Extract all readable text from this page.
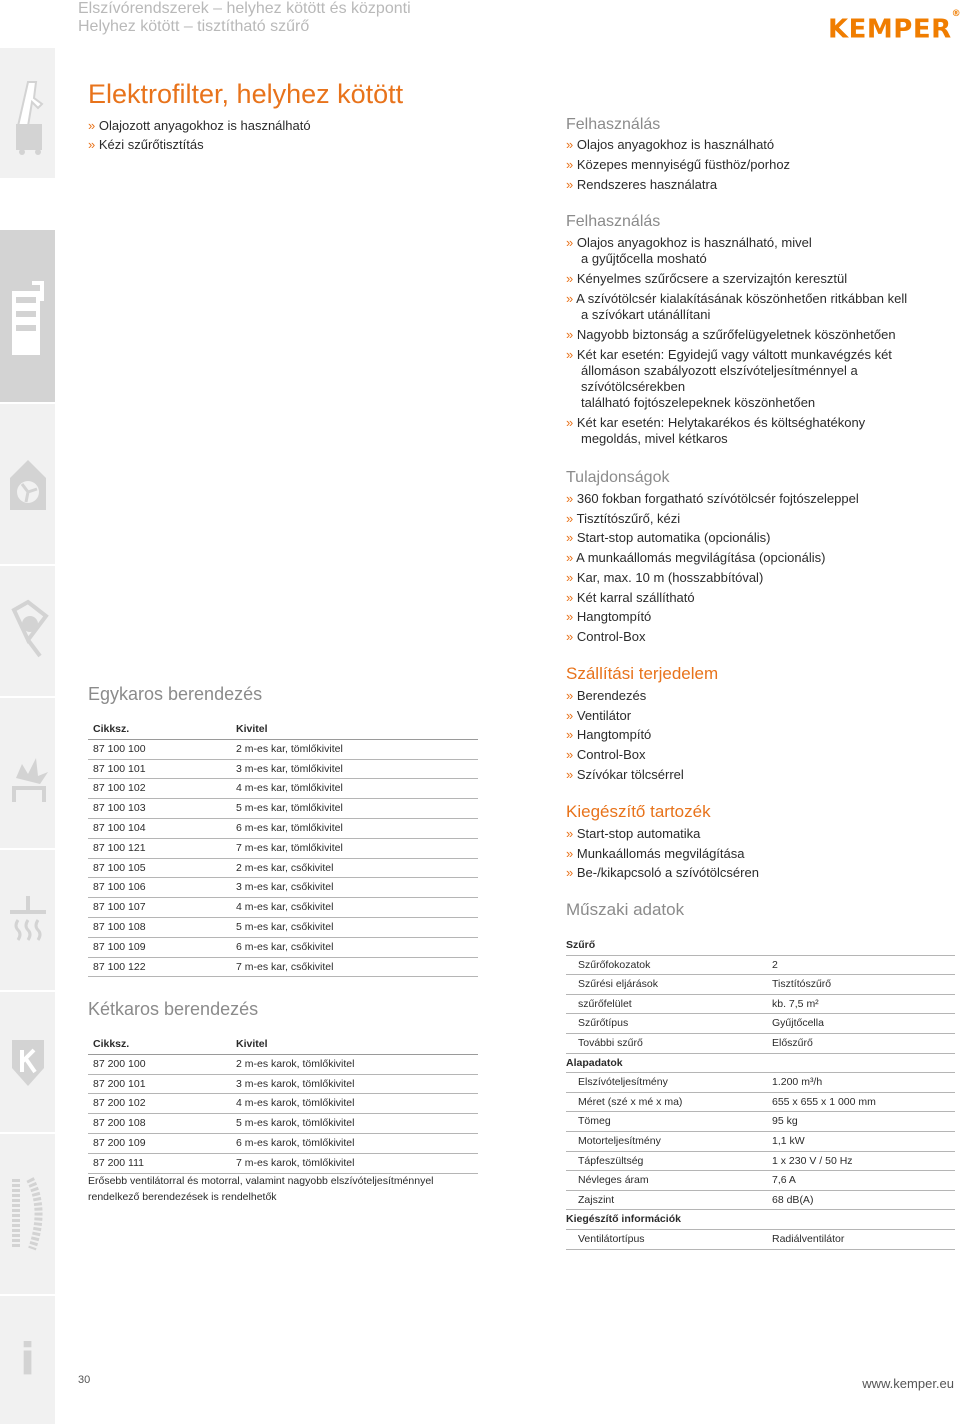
Elszívórendszerek – helyhez kötött és központi
Helyhez kötött – tisztítható szűrő	KEMPER®
i
Elektrofilter, helyhez kötött
» Olajozott anyagokhoz is használható
» Kézi szűrőtisztítás
Egykaros berendezés
Cikksz.	Kivitel
87 100 100	2 m-es kar, tömlőkivitel
87 100 101	3 m-es kar, tömlőkivitel
87 100 102	4 m-es kar, tömlőkivitel
87 100 103	5 m-es kar, tömlőkivitel
87 100 104	6 m-es kar, tömlőkivitel
87 100 121	7 m-es kar, tömlőkivitel
87 100 105	2 m-es kar, csőkivitel
87 100 106	3 m-es kar, csőkivitel
87 100 107	4 m-es kar, csőkivitel
87 100 108	5 m-es kar, csőkivitel
87 100 109	6 m-es kar, csőkivitel
87 100 122	7 m-es kar, csőkivitel
Kétkaros berendezés
Cikksz.	Kivitel
87 200 100	2 m-es karok, tömlőkivitel
87 200 101	3 m-es karok, tömlőkivitel
87 200 102	4 m-es karok, tömlőkivitel
87 200 108	5 m-es karok, tömlőkivitel
87 200 109	6 m-es karok, tömlőkivitel
87 200 111	7 m-es karok, tömlőkivitel
Erősebb ventilátorral és motorral, valamint nagyobb elszívóteljesítménnyel rendelkező berendezések is rendelhetők
Felhasználás
» Olajos anyagokhoz is használható
» Közepes mennyiségű füsthöz/porhoz
» Rendszeres használatra
Felhasználás
» Olajos anyagokhoz is használható, mivel
a gyűjtőcella mosható
» Kényelmes szűrőcsere a szervizajtón keresztül
» A szívótölcsér kialakításának köszönhetően ritkábban kell
a szívókart utánállítani
» Nagyobb biztonság a szűrőfelügyeletnek köszönhetően
» Két kar esetén: Egyidejű vagy váltott munkavégzés két
állomáson szabályozott elszívóteljesítménnyel a
szívótölcsérekben
található fojtószelepeknek köszönhetően
» Két kar esetén: Helytakarékos és költséghatékony
megoldás, mivel kétkaros
Tulajdonságok
» 360 fokban forgatható szívótölcsér fojtószeleppel
» Tisztítószűrő, kézi
» Start-stop automatika (opcionális)
» A munkaállomás megvilágítása (opcionális)
» Kar, max. 10 m (hosszabbítóval)
» Két karral szállítható
» Hangtompító
» Control-Box
Szállítási terjedelem
» Berendezés
» Ventilátor
» Hangtompító
» Control-Box
» Szívókar tölcsérrel
Kiegészítő tartozék
» Start-stop automatika
» Munkaállomás megvilágítása
» Be-/kikapcsoló a szívótölcséren
Műszaki adatok
Szűrő
Szűrőfokozatok	2
Szűrési eljárások	Tisztítószűrő
szűrőfelület	kb. 7,5 m²
Szűrőtípus	Gyűjtőcella
További szűrő	Előszűrő
Alapadatok
Elszívóteljesítmény	1.200 m³/h
Méret (szé x mé x ma)	655 x 655 x 1 000 mm
Tömeg	95 kg
Motorteljesítmény	1,1 kW
Tápfeszültség	1 x 230 V / 50 Hz
Névleges áram	7,6 A
Zajszint	68 dB(A)
Kiegészítő információk
Ventilátortípus	Radiálventilátor
30	www.kemper.eu
